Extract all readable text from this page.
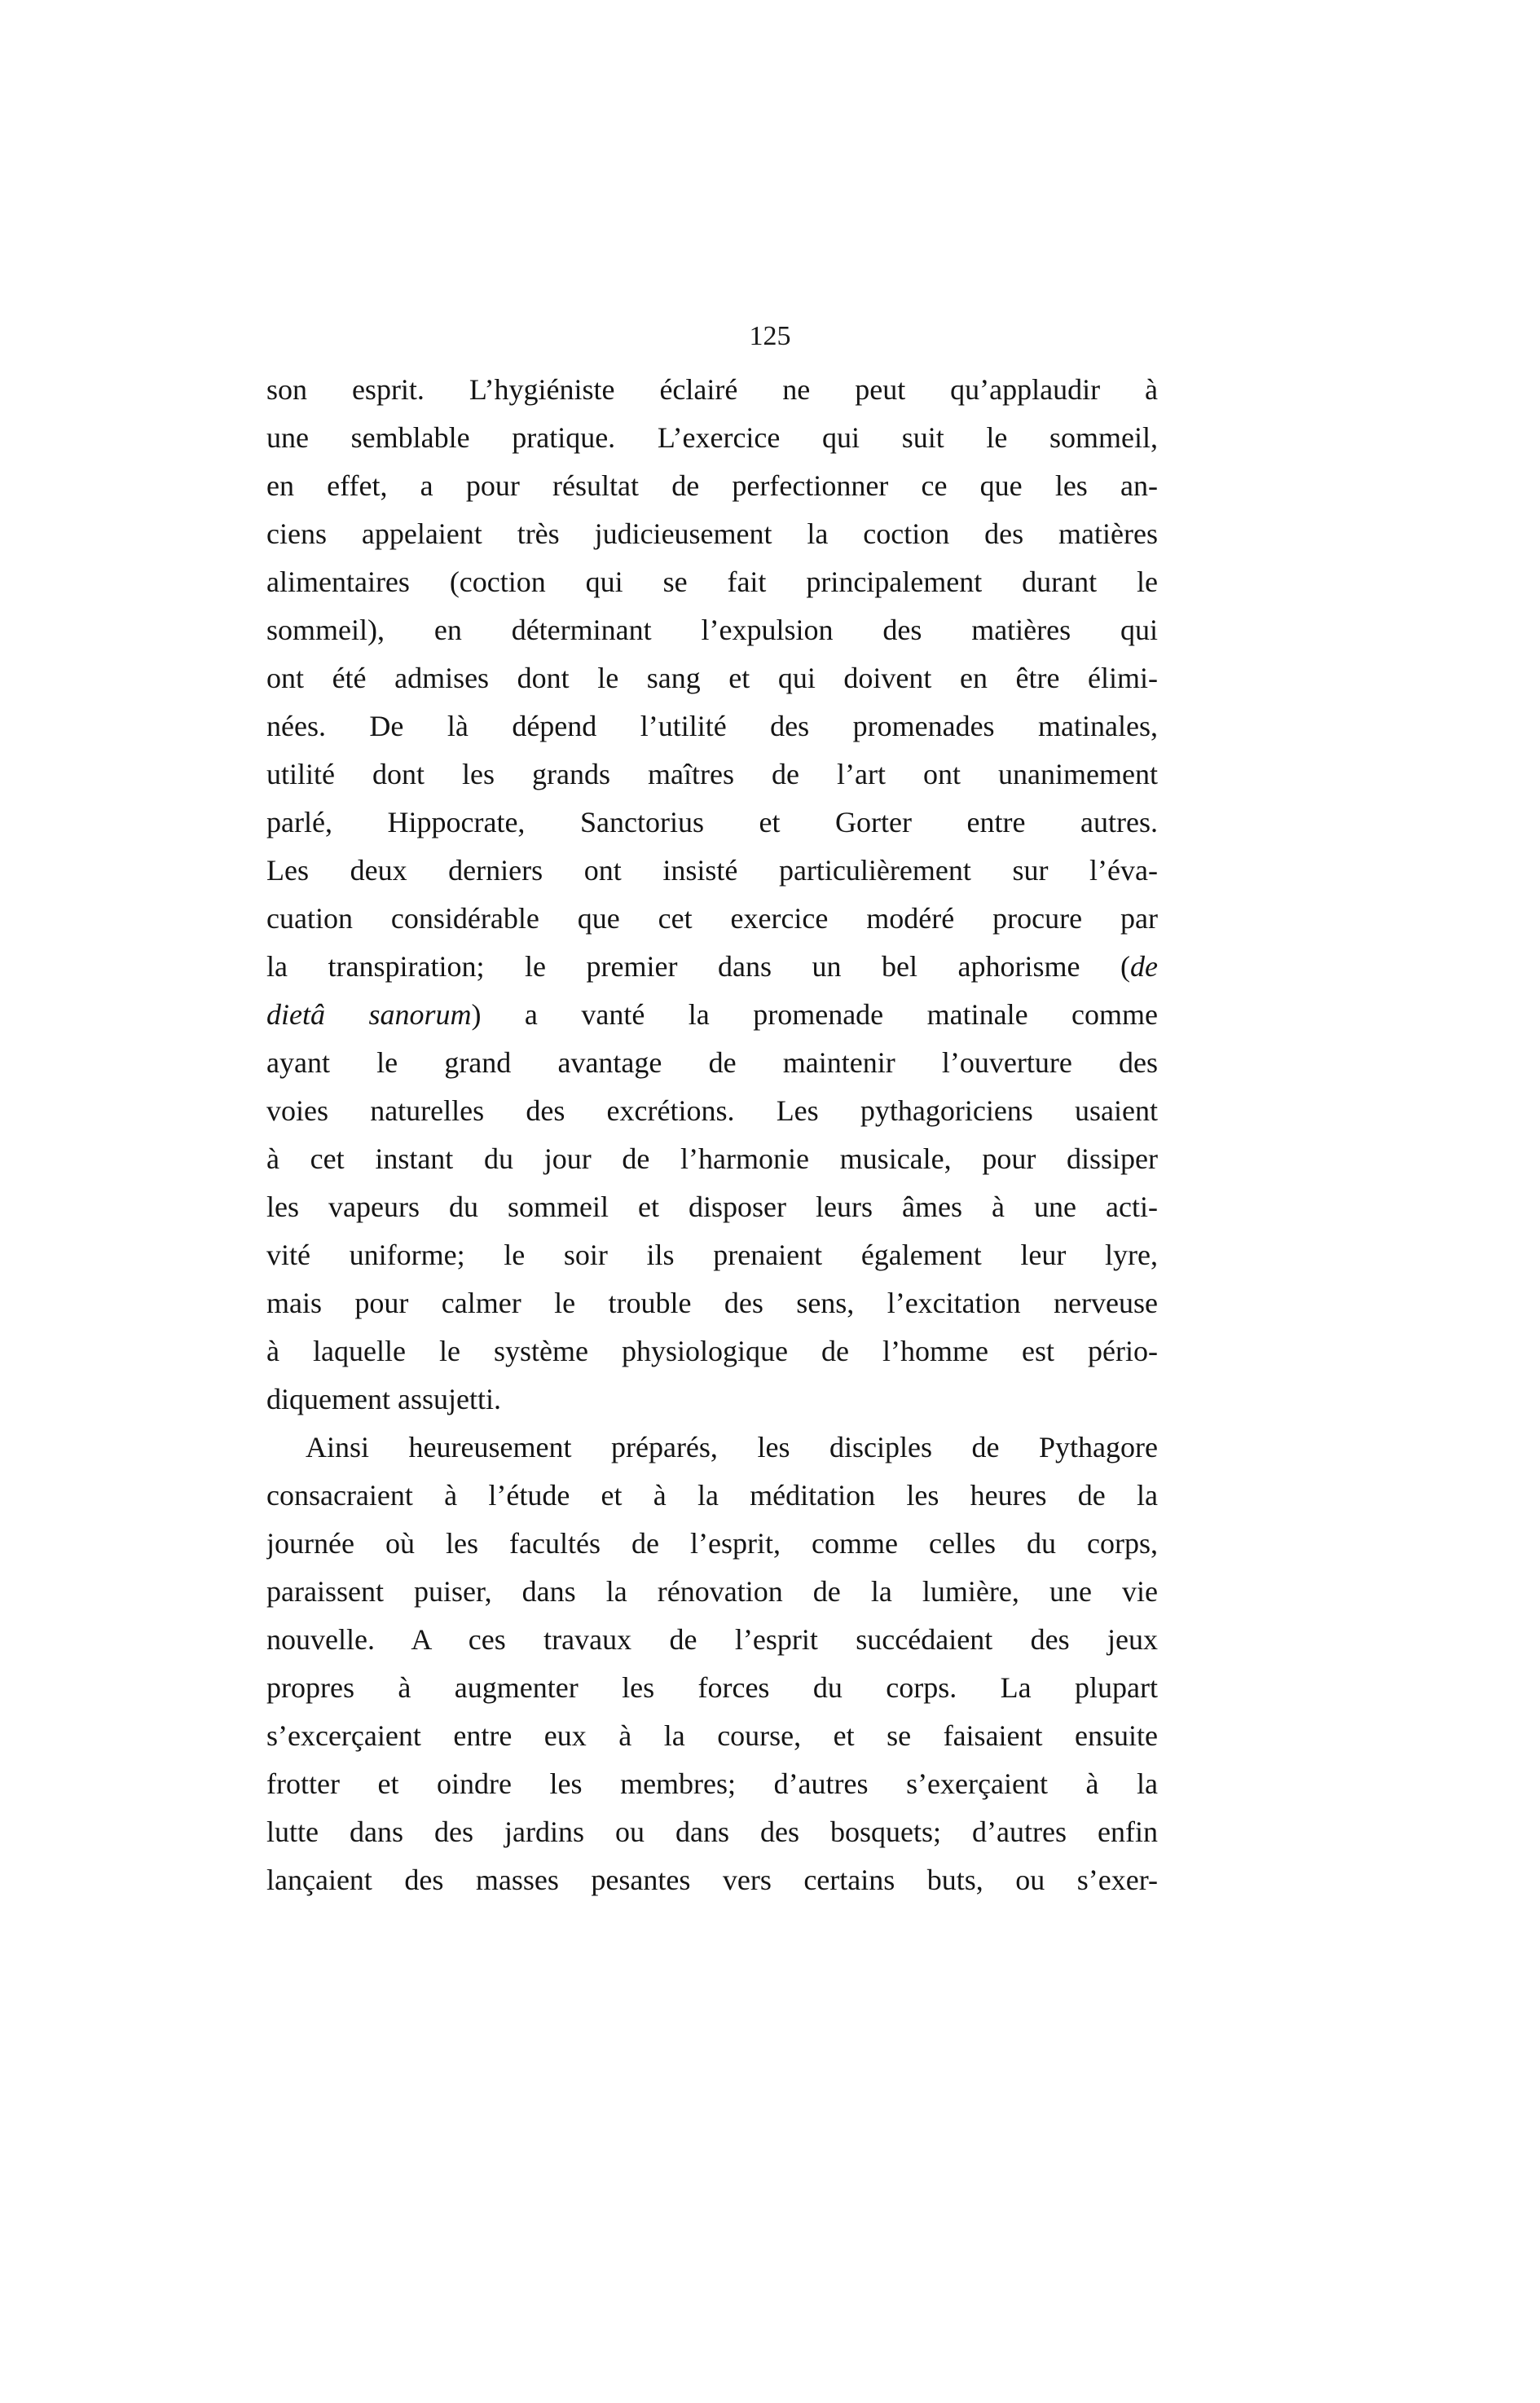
125
son esprit. L’hygiéniste éclairé ne peut qu’applaudir à
une semblable pratique. L’exercice qui suit le sommeil,
en effet, a pour résultat de perfectionner ce que les an-
ciens appelaient très judicieusement la coction des matières
alimentaires (coction qui se fait principalement durant le
sommeil), en déterminant l’expulsion des matières qui
ont été admises dont le sang et qui doivent en être élimi-
nées. De là dépend l’utilité des promenades matinales,
utilité dont les grands maîtres de l’art ont unanimement
parlé, Hippocrate, Sanctorius et Gorter entre autres.
Les deux derniers ont insisté particulièrement sur l’éva-
cuation considérable que cet exercice modéré procure par
la transpiration; le premier dans un bel aphorisme (de
dietâ sanorum) a vanté la promenade matinale comme
ayant le grand avantage de maintenir l’ouverture des
voies naturelles des excrétions. Les pythagoriciens usaient
à cet instant du jour de l’harmonie musicale, pour dissiper
les vapeurs du sommeil et disposer leurs âmes à une acti-
vité uniforme; le soir ils prenaient également leur lyre,
mais pour calmer le trouble des sens, l’excitation nerveuse
à laquelle le système physiologique de l’homme est pério-
diquement assujetti.
Ainsi heureusement préparés, les disciples de Pythagore
consacraient à l’étude et à la méditation les heures de la
journée où les facultés de l’esprit, comme celles du corps,
paraissent puiser, dans la rénovation de la lumière, une vie
nouvelle. A ces travaux de l’esprit succédaient des jeux
propres à augmenter les forces du corps. La plupart
s’excerçaient entre eux à la course, et se faisaient ensuite
frotter et oindre les membres; d’autres s’exerçaient à la
lutte dans des jardins ou dans des bosquets; d’autres enfin
lançaient des masses pesantes vers certains buts, ou s’exer-
